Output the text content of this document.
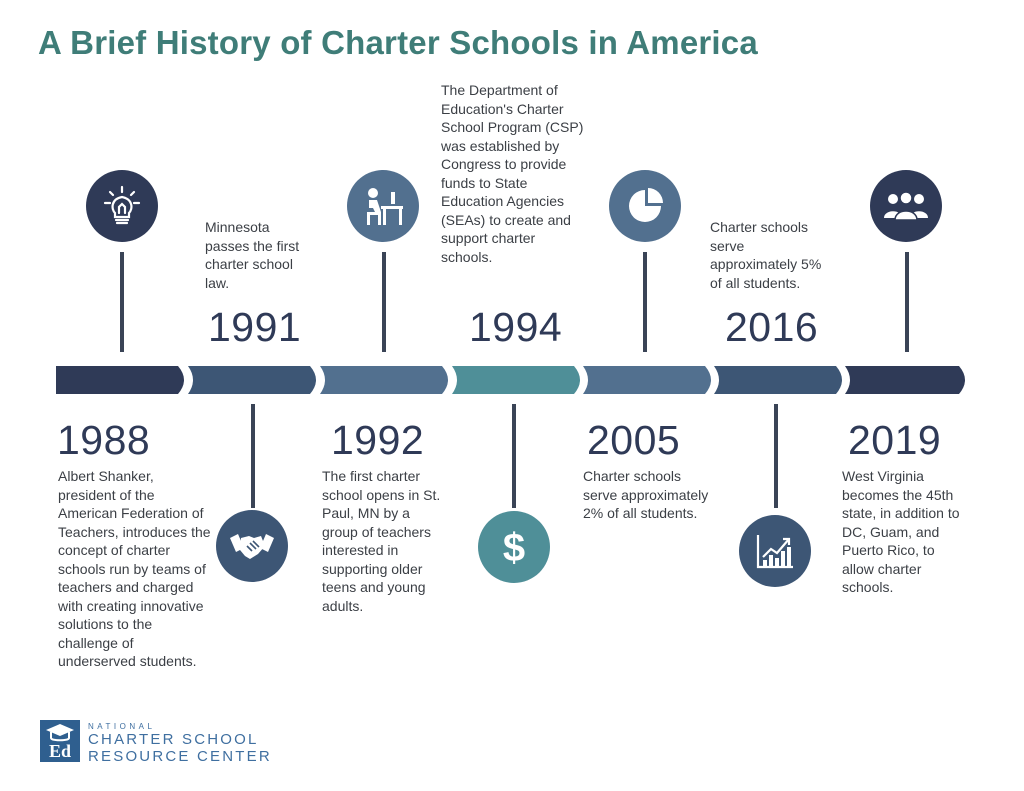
A Brief History of Charter Schools in America
$
1988
1991
1992
1994
2005
2016
2019
Albert Shanker, president of the American Federation of Teachers, introduces the concept of charter schools run by teams of teachers and charged with creating innovative solutions to the challenge of underserved students.
Minnesota passes the first charter school law.
The first charter school opens in St. Paul, MN by a group of teachers interested in supporting older teens and young adults.
The Department of Education's Charter School Program (CSP) was established by Congress to provide funds to State Education Agencies (SEAs) to create and support charter schools.
Charter schools serve approximately 2% of all students.
Charter schools serve approximately 5% of all students.
West Virginia becomes the 45th state, in addition to DC, Guam, and Puerto Rico, to allow charter schools.
Ed
NATIONAL
CHARTER SCHOOL
RESOURCE CENTER
